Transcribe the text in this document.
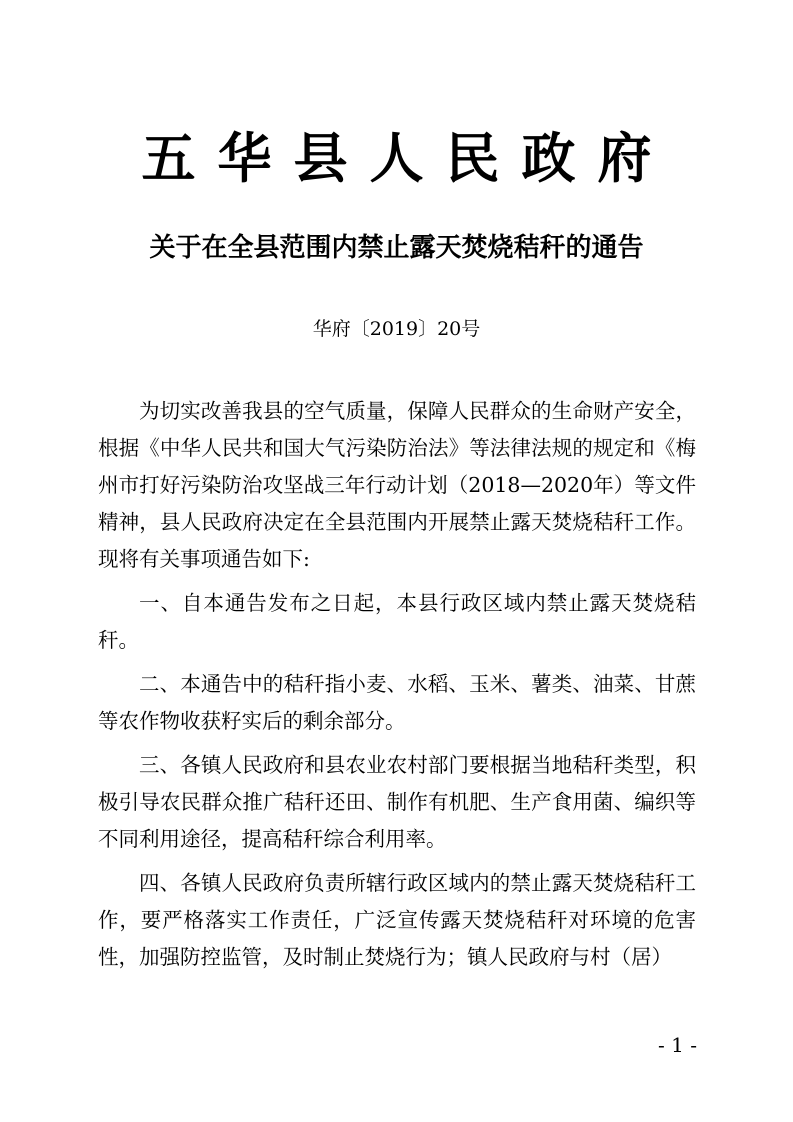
五华县人民政府
关于在全县范围内禁止露天焚烧秸秆的通告
华府〔2019〕20号

为切实改善我县的空气质量，保障人民群众的生命财产安全，根据《中华人民共和国大气污染防治法》等法律法规的规定和《梅州市打好污染防治攻坚战三年行动计划（2018—2020年）等文件精神，县人民政府决定在全县范围内开展禁止露天焚烧秸秆工作。现将有关事项通告如下:

一、自本通告发布之日起，本县行政区域内禁止露天焚烧秸秆。

二、本通告中的秸秆指小麦、水稻、玉米、薯类、油菜、甘蔗等农作物收获籽实后的剩余部分。

三、各镇人民政府和县农业农村部门要根据当地秸秆类型，积极引导农民群众推广秸秆还田、制作有机肥、生产食用菌、编织等不同利用途径，提高秸秆综合利用率。

四、各镇人民政府负责所辖行政区域内的禁止露天焚烧秸秆工作，要严格落实工作责任，广泛宣传露天焚烧秸秆对环境的危害性，加强防控监管，及时制止焚烧行为；镇人民政府与村（居）

- 1 -
